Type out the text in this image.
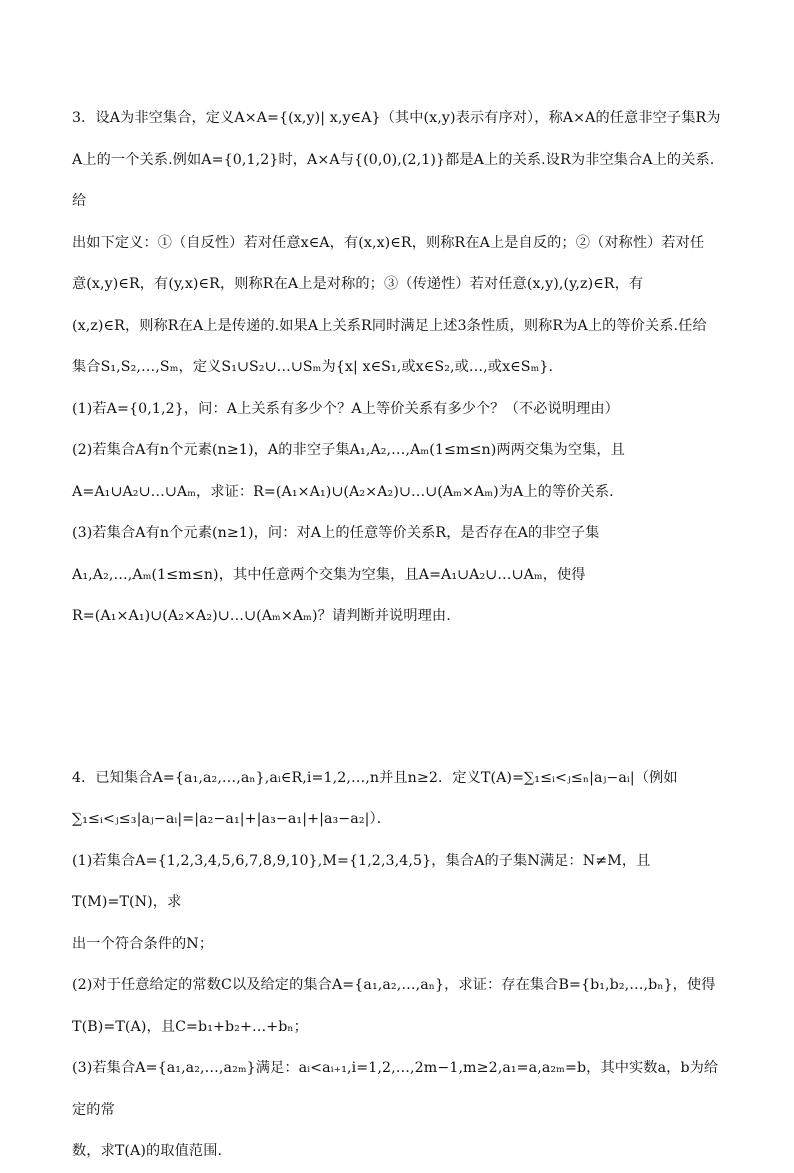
3．设A为非空集合，定义A×A={(x,y)| x,y∈A}（其中(x,y)表示有序对），称A×A的任意非空子集R为

A上的一个关系.例如A={0,1,2}时，A×A与{(0,0),(2,1)}都是A上的关系.设R为非空集合A上的关系.给

出如下定义：①（自反性）若对任意x∈A，有(x,x)∈R，则称R在A上是自反的；②（对称性）若对任

意(x,y)∈R，有(y,x)∈R，则称R在A上是对称的；③（传递性）若对任意(x,y),(y,z)∈R，有

(x,z)∈R，则称R在A上是传递的.如果A上关系R同时满足上述3条性质，则称R为A上的等价关系.任给

集合S₁,S₂,…,Sₘ，定义S₁∪S₂∪…∪Sₘ为{x| x∈S₁,或x∈S₂,或…,或x∈Sₘ}.

(1)若A={0,1,2}，问：A上关系有多少个？A上等价关系有多少个？（不必说明理由）

(2)若集合A有n个元素(n≥1)，A的非空子集A₁,A₂,…,Aₘ(1≤m≤n)两两交集为空集，且

A=A₁∪A₂∪…∪Aₘ，求证：R=(A₁×A₁)∪(A₂×A₂)∪…∪(Aₘ×Aₘ)为A上的等价关系.

(3)若集合A有n个元素(n≥1)，问：对A上的任意等价关系R，是否存在A的非空子集

A₁,A₂,…,Aₘ(1≤m≤n)，其中任意两个交集为空集，且A=A₁∪A₂∪…∪Aₘ，使得

R=(A₁×A₁)∪(A₂×A₂)∪…∪(Aₘ×Aₘ)？请判断并说明理由.

4．已知集合A={a₁,a₂,…,aₙ},aᵢ∈R,i=1,2,…,n并且n≥2．定义T(A)=∑₁≤ᵢ<ⱼ≤ₙ|aⱼ−aᵢ|（例如

∑₁≤ᵢ<ⱼ≤₃|aⱼ−aᵢ|=|a₂−a₁|+|a₃−a₁|+|a₃−a₂|）．

(1)若集合A={1,2,3,4,5,6,7,8,9,10},M={1,2,3,4,5}，集合A的子集N满足：N≠M，且T(M)=T(N)，求

出一个符合条件的N；

(2)对于任意给定的常数C以及给定的集合A={a₁,a₂,…,aₙ}，求证：存在集合B={b₁,b₂,…,bₙ}，使得

T(B)=T(A)，且C=b₁+b₂+…+bₙ；

(3)若集合A={a₁,a₂,…,a₂ₘ}满足：aᵢ<aᵢ₊₁,i=1,2,…,2m−1,m≥2,a₁=a,a₂ₘ=b，其中实数a，b为给定的常

数，求T(A)的取值范围.
